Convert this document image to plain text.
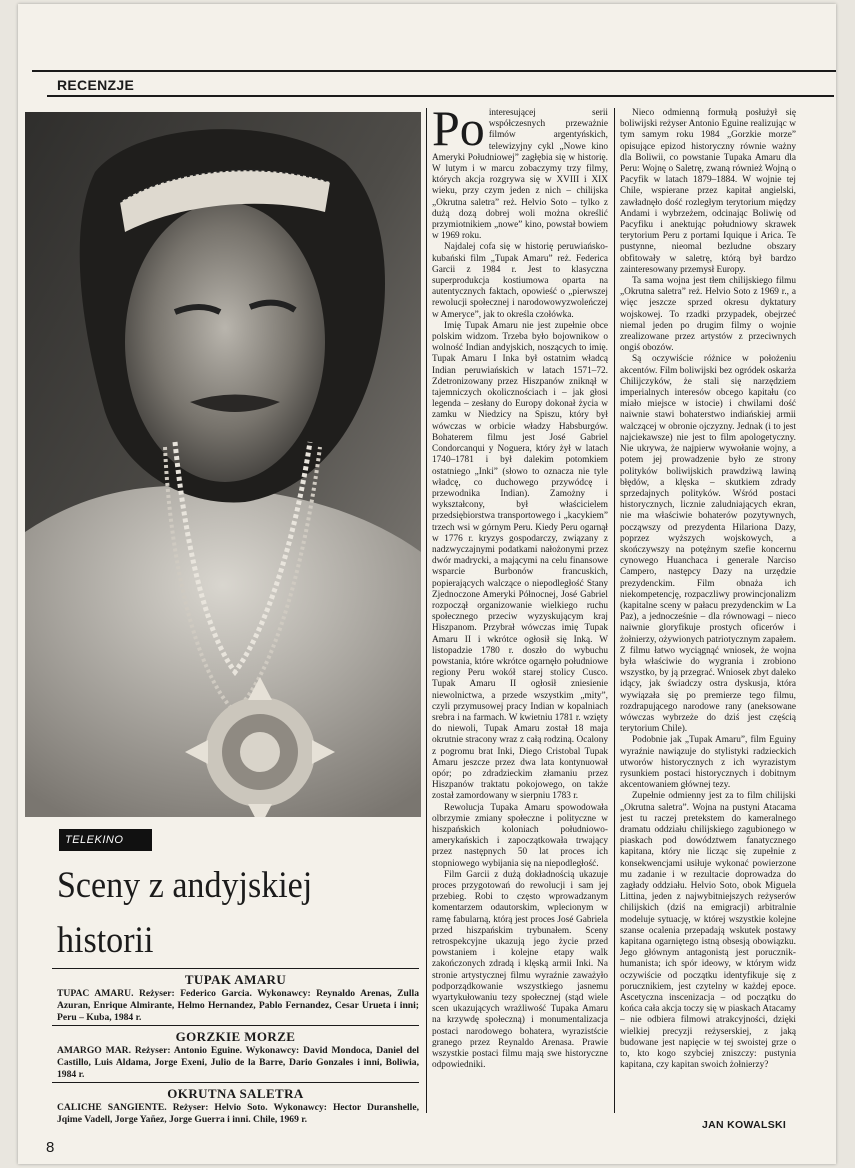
RECENZJE
TELEKINO
Sceny z andyjskiej
historii
TUPAK AMARU
TUPAC AMARU. Reżyser: Federico Garcia. Wykonawcy: Reynaldo Arenas, Zulla Azuran, Enrique Almirante, Helmo Hernandez, Pablo Fernandez, Cesar Urueta i inni; Peru – Kuba, 1984 r.
GORZKIE MORZE
AMARGO MAR. Reżyser: Antonio Eguine. Wykonawcy: David Mondoca, Daniel del Castillo, Luis Aldama, Jorge Exeni, Julio de la Barre, Dario Gonzales i inni, Boliwia, 1984 r.
OKRUTNA SALETRA
CALICHE SANGIENTE. Reżyser: Helvio Soto. Wykonawcy: Hector Duranshelle, Jqime Vadell, Jorge Yañez, Jorge Guerra i inni. Chile, 1969 r.

Po interesującej serii współczesnych przeważnie filmów argentyńskich, telewizyjny cykl „Nowe kino Ameryki Południowej” zagłębia się w historię. W lutym i w marcu zobaczymy trzy filmy, których akcja rozgrywa się w XVIII i XIX wieku, przy czym jeden z nich – chilijska „Okrutna saletra” reż. Helvio Soto – tylko z dużą dozą dobrej woli można określić przymiotnikiem „nowe” kino, powstał bowiem w 1969 roku.

Najdalej cofa się w historię peruwiańsko-kubański film „Tupak Amaru” reż. Federica Garcii z 1984 r. Jest to klasyczna superprodukcja kostiumowa oparta na autentycznych faktach, opowieść o „pierwszej rewolucji społecznej i narodowowyzwoleńczej w Ameryce”, jak to określa czołówka.

Imię Tupak Amaru nie jest zupełnie obce polskim widzom. Trzeba było bojownikow o wolność Indian andyjskich, noszących to imię. Tupak Amaru I Inka był ostatnim władcą Indian peruwiańskich w latach 1571–72. Zdetronizowany przez Hiszpanów zniknął w tajemniczych okolicznościach i – jak głosi legenda – zesłany do Europy dokonał życia w zamku w Niedzicy na Spiszu, który był wówczas w orbicie władzy Habsburgów. Bohaterem filmu jest José Gabriel Condorcanqui y Noguera, który żył w latach 1740–1781 i był dalekim potomkiem ostatniego „Inki” (słowo to oznacza nie tyle władcę, co duchowego przywódcę i przewodnika Indian). Zamożny i wykształcony, był właścicielem przedsiębiorstwa transportowego i „kacykiem” trzech wsi w górnym Peru. Kiedy Peru ogarnął w 1776 r. kryzys gospodarczy, związany z nadzwyczajnymi podatkami nałożonymi przez dwór madrycki, a mającymi na celu finansowe wsparcie Burbonów francuskich, popierających walczące o niepodległość Stany Zjednoczone Ameryki Północnej, José Gabriel rozpoczął organizowanie wielkiego ruchu społecznego przeciw wyzyskującym kraj Hiszpanom. Przybrał wówczas imię Tupak Amaru II i wkrótce ogłosił się Inką. W listopadzie 1780 r. doszło do wybuchu powstania, które wkrótce ogarnęło południowe regiony Peru wokół starej stolicy Cusco. Tupak Amaru II ogłosił zniesienie niewolnictwa, a przede wszystkim „mity”, czyli przymusowej pracy Indian w kopalniach srebra i na farmach. W kwietniu 1781 r. wzięty do niewoli, Tupak Amaru został 18 maja okrutnie stracony wraz z całą rodziną. Ocalony z pogromu brat Inki, Diego Cristobal Tupak Amaru jeszcze przez dwa lata kontynuował opór; po zdradzieckim złamaniu przez Hiszpanów traktatu pokojowego, on także został zamordowany w sierpniu 1783 r.

Rewolucja Tupaka Amaru spowodowała olbrzymie zmiany społeczne i polityczne w hiszpańskich koloniach południowo-amerykańskich i zapoczątkowała trwający przez następnych 50 lat proces ich stopniowego wybijania się na niepodległość.

Film Garcii z dużą dokładnością ukazuje proces przygotowań do rewolucji i sam jej przebieg. Robi to często wprowadzanym komentarzem odautorskim, wplecionym w ramę fabularną, którą jest proces José Gabriela przed hiszpańskim trybunałem. Sceny retrospekcyjne ukazują jego życie przed powstaniem i kolejne etapy walk zakończonych zdradą i klęską armii Inki. Na stronie artystycznej filmu wyraźnie zaważyło podporządkowanie wszystkiego jasnemu wyartykułowaniu tezy społecznej (stąd wiele scen ukazujących wrażliwość Tupaka Amaru na krzywdę społeczną) i monumentalizacja postaci narodowego bohatera, wyrazistście granego przez Reynaldo Arenasa. Prawie wszystkie postaci filmu mają swe historyczne odpowiedniki.

Nieco odmienną formułą posłużył się boliwijski reżyser Antonio Eguine realizując w tym samym roku 1984 „Gorzkie morze” opisujące epizod historyczny równie ważny dla Boliwii, co powstanie Tupaka Amaru dla Peru: Wojnę o Saletrę, zwaną również Wojną o Pacyfik w latach 1879–1884. W wojnie tej Chile, wspierane przez kapitał angielski, zawładnęło dość rozległym terytorium między Andami i wybrzeżem, odcinając Boliwię od Pacyfiku i anektując południowy skrawek terytorium Peru z portami Iquique i Arica. Te pustynne, nieomal bezludne obszary obfitowały w saletrę, którą był bardzo zainteresowany przemysł Europy.

Ta sama wojna jest tłem chilijskiego filmu „Okrutna saletra” reż. Helvio Soto z 1969 r., a więc jeszcze sprzed okresu dyktatury wojskowej. To rzadki przypadek, obejrzeć niemal jeden po drugim filmy o wojnie zrealizowane przez artystów z przeciwnych ongiś obozów.

Są oczywiście różnice w położeniu akcentów. Film boliwijski bez ogródek oskarża Chilijczyków, że stali się narzędziem imperialnych interesów obcego kapitału (co miało miejsce w istocie) i chwilami dość naiwnie stawi bohaterstwo indiańskiej armii walczącej w obronie ojczyzny. Jednak (i to jest najciekawsze) nie jest to film apologetyczny. Nie ukrywa, że najpierw wywołanie wojny, a potem jej prowadzenie było ze strony polityków boliwijskich prawdziwą lawiną błędów, a klęska – skutkiem zdrady sprzedajnych polityków. Wśród postaci historycznych, licznie zaludniających ekran, nie ma właściwie bohaterów pozytywnych, począwszy od prezydenta Hilariona Dazy, poprzez wyższych wojskowych, a skończywszy na potężnym szefie koncernu cynowego Huanchaca i generale Narciso Campero, następcy Dazy na urzędzie prezydenckim. Film obnaża ich niekompetencję, rozpaczliwy prowincjonalizm (kapitalne sceny w pałacu prezydenckim w La Paz), a jednocześnie – dla równowagi – nieco naiwnie gloryfikuje prostych oficerów i żołnierzy, ożywionych patriotycznym zapałem. Z filmu łatwo wyciągnąć wniosek, że wojna była właściwie do wygrania i zrobiono wszystko, by ją przegrać. Wniosek zbyt daleko idący, jak świadczy ostra dyskusja, która wywiązała się po premierze tego filmu, rozdrapującego narodowe rany (aneksowane wówczas wybrzeże do dziś jest częścią terytorium Chile).

Podobnie jak „Tupak Amaru”, film Eguiny wyraźnie nawiązuje do stylistyki radzieckich utworów historycznych z ich wyrazistym rysunkiem postaci historycznych i dobitnym akcentowaniem głównej tezy.

Zupełnie odmienny jest za to film chilijski „Okrutna saletra”. Wojna na pustyni Atacama jest tu raczej pretekstem do kameralnego dramatu oddziału chilijskiego zagubionego w piaskach pod dowództwem fanatycznego kapitana, który nie licząc się zupełnie z konsekwencjami usiłuje wykonać powierzone mu zadanie i w rezultacie doprowadza do zagłady oddziału. Helvio Soto, obok Miguela Littina, jeden z najwybitniejszych reżyserów chilijskich (dziś na emigracji) arbitralnie modeluje sytuację, w której wszystkie kolejne szanse ocalenia przepadają wskutek postawy kapitana ogarniętego istną obsesją obowiązku. Jego głównym antagonistą jest porucznik-humanista; ich spór ideowy, w którym widz oczywiście od początku identyfikuje się z porucznikiem, jest czytelny w każdej epoce. Ascetyczna inscenizacja – od początku do końca cała akcja toczy się w piaskach Atacamy – nie odbiera filmowi atrakcyjności, dzięki wielkiej precyzji reżyserskiej, z jaką budowane jest napięcie w tej swoistej grze o to, kto kogo szybciej zniszczy: pustynia kapitana, czy kapitan swoich żołnierzy?

JAN KOWALSKI
8
